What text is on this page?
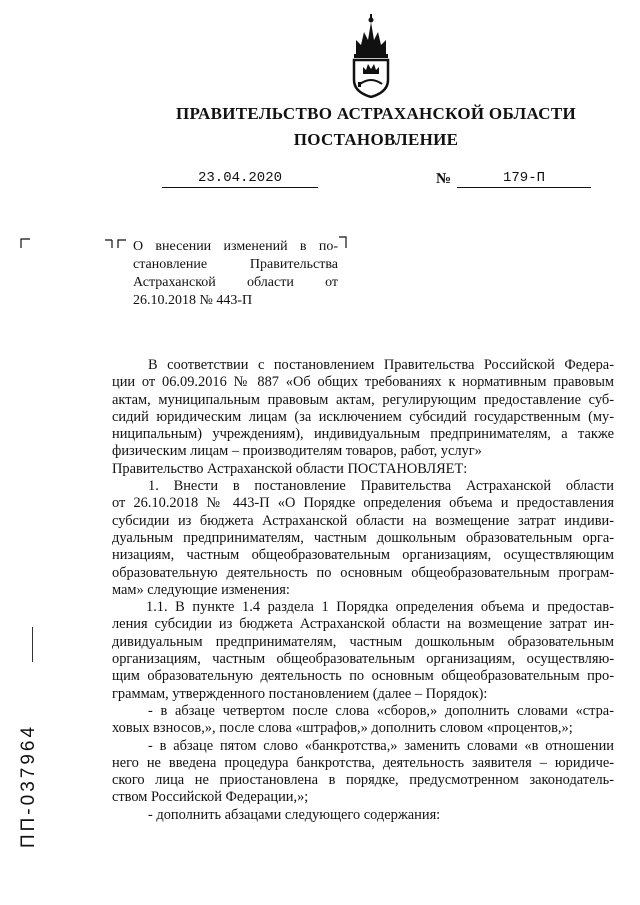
ПРАВИТЕЛЬСТВО АСТРАХАНСКОЙ ОБЛАСТИ
ПОСТАНОВЛЕНИЕ
23.04.2020	№	179-П
О внесении изменений в по-
становление Правительства
Астраханской области от
26.10.2018 № 443-П

В соответствии с постановлением Правительства Российской Федера-

ции от 06.09.2016 № 887 «Об общих требованиях к нормативным правовым

актам, муниципальным правовым актам, регулирующим предоставление суб-

сидий юридическим лицам (за исключением субсидий государственным (му-

ниципальным) учреждениям), индивидуальным предпринимателям, а также

физическим лицам – производителям товаров, работ, услуг»

Правительство Астраханской области ПОСТАНОВЛЯЕТ:

1. Внести в постановление Правительства Астраханской области

от 26.10.2018 № 443-П «О Порядке определения объема и предоставления

субсидии из бюджета Астраханской области на возмещение затрат индиви-

дуальным предпринимателям, частным дошкольным образовательным орга-

низациям, частным общеобразовательным организациям, осуществляющим

образовательную деятельность по основным общеобразовательным програм-

мам» следующие изменения:

1.1. В пункте 1.4 раздела 1 Порядка определения объема и предостав-

ления субсидии из бюджета Астраханской области на возмещение затрат ин-

дивидуальным предпринимателям, частным дошкольным образовательным

организациям, частным общеобразовательным организациям, осуществляю-

щим образовательную деятельность по основным общеобразовательным про-

граммам, утвержденного постановлением (далее – Порядок):

- в абзаце четвертом после слова «сборов,» дополнить словами «стра-

ховых взносов,», после слова «штрафов,» дополнить словом «процентов,»;

- в абзаце пятом слово «банкротства,» заменить словами «в отношении

него не введена процедура банкротства, деятельность заявителя – юридиче-

ского лица не приостановлена в порядке, предусмотренном законодатель-

ством Российской Федерации,»;

- дополнить абзацами следующего содержания:

ПП-037964
